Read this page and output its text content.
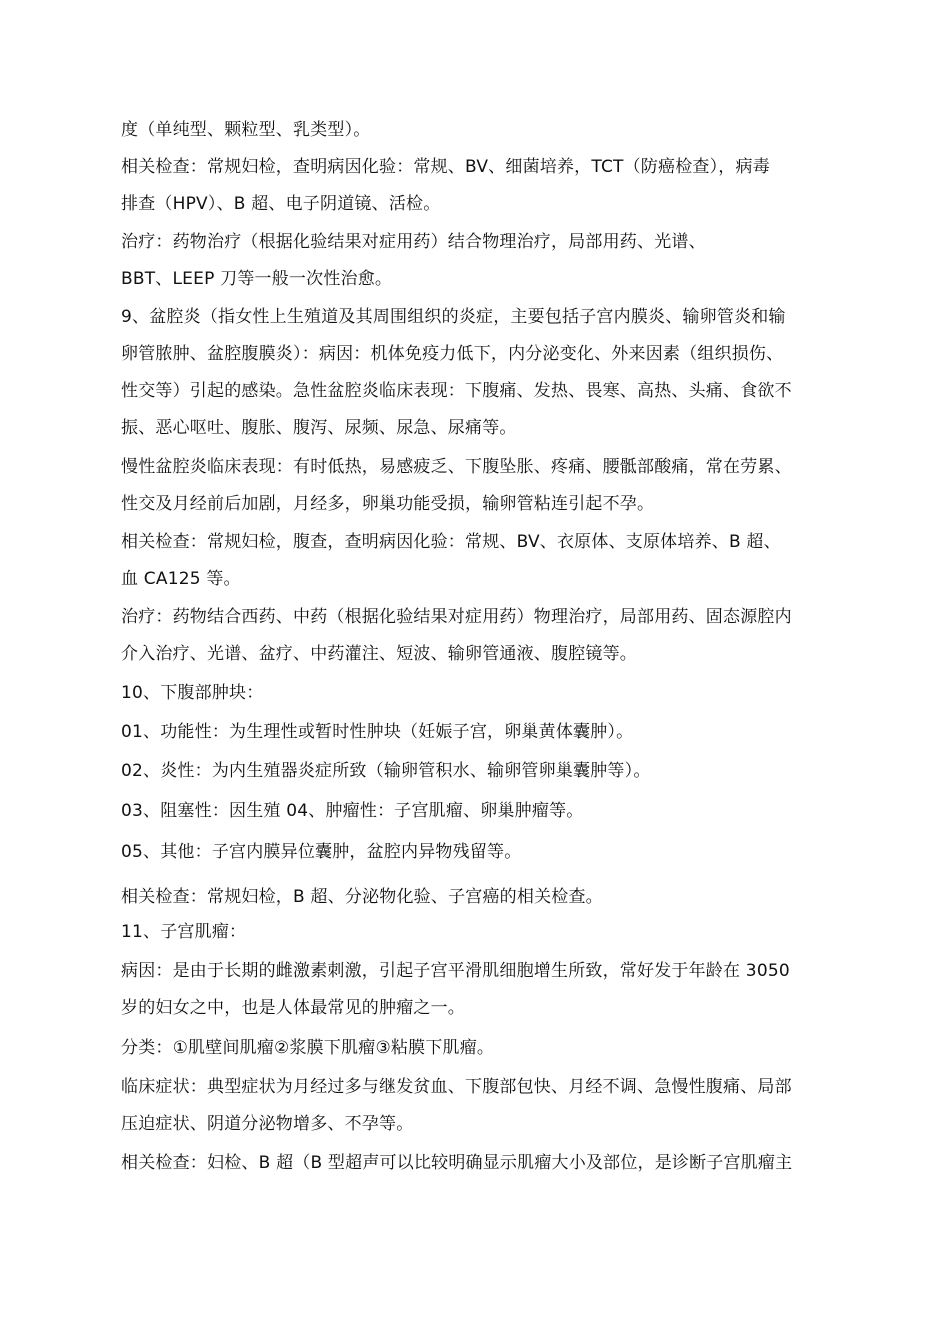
度（单纯型、颗粒型、乳类型）。

相关检查：常规妇检，查明病因化验：常规、BV、细菌培养，TCT（防癌检查），病毒
排查（HPV）、B 超、电子阴道镜、活检。

治疗：药物治疗（根据化验结果对症用药）结合物理治疗，局部用药、光谱、
BBT、LEEP 刀等一般一次性治愈。

9、盆腔炎（指女性上生殖道及其周围组织的炎症，主要包括子宫内膜炎、输卵管炎和输
卵管脓肿、盆腔腹膜炎）：病因：机体免疫力低下，内分泌变化、外来因素（组织损伤、
性交等）引起的感染。急性盆腔炎临床表现：下腹痛、发热、畏寒、高热、头痛、食欲不
振、恶心呕吐、腹胀、腹泻、尿频、尿急、尿痛等。

慢性盆腔炎临床表现：有时低热，易感疲乏、下腹坠胀、疼痛、腰骶部酸痛，常在劳累、
性交及月经前后加剧，月经多，卵巢功能受损，输卵管粘连引起不孕。

相关检查：常规妇检，腹查，查明病因化验：常规、BV、衣原体、支原体培养、B 超、
血 CA125 等。

治疗：药物结合西药、中药（根据化验结果对症用药）物理治疗，局部用药、固态源腔内
介入治疗、光谱、盆疗、中药灌注、短波、输卵管通液、腹腔镜等。

10、下腹部肿块：

01、功能性：为生理性或暂时性肿块（妊娠子宫，卵巢黄体囊肿）。

02、炎性：为内生殖器炎症所致（输卵管积水、输卵管卵巢囊肿等）。

03、阻塞性：因生殖 04、肿瘤性：子宫肌瘤、卵巢肿瘤等。

05、其他：子宫内膜异位囊肿，盆腔内异物残留等。

相关检查：常规妇检，B 超、分泌物化验、子宫癌的相关检查。

11、子宫肌瘤：

病因：是由于长期的雌激素刺激，引起子宫平滑肌细胞增生所致，常好发于年龄在 3050
岁的妇女之中，也是人体最常见的肿瘤之一。

分类：①肌壁间肌瘤②浆膜下肌瘤③粘膜下肌瘤。

临床症状：典型症状为月经过多与继发贫血、下腹部包快、月经不调、急慢性腹痛、局部
压迫症状、阴道分泌物增多、不孕等。

相关检查：妇检、B 超（B 型超声可以比较明确显示肌瘤大小及部位，是诊断子宫肌瘤主
